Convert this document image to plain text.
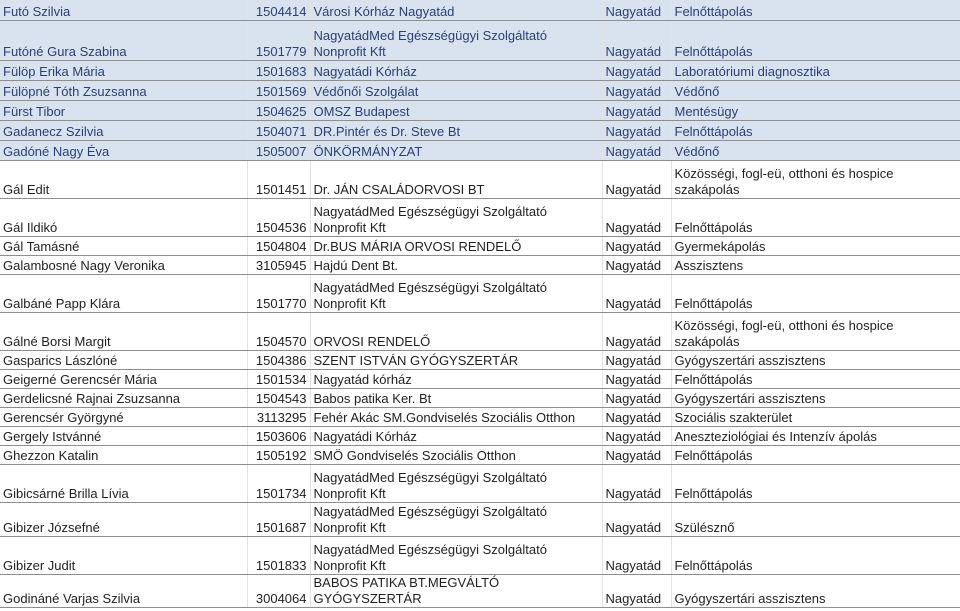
Futó Szilvia	1504414	Városi Kórház Nagyatád	Nagyatád	Felnőttápolás
Futóné Gura Szabina	1501779	NagyatádMed Egészségügyi Szolgáltató Nonprofit Kft	Nagyatád	Felnőttápolás
Fülöp Erika Mária	1501683	Nagyatádi Kórház	Nagyatád	Laboratóriumi diagnosztika
Fülöpné Tóth Zsuzsanna	1501569	Védőnői Szolgálat	Nagyatád	Védőnő
Fürst Tibor	1504625	OMSZ Budapest	Nagyatád	Mentésügy
Gadanecz Szilvia	1504071	DR.Pintér és Dr. Steve Bt	Nagyatád	Felnőttápolás
Gadóné Nagy Éva	1505007	ÖNKÖRMÁNYZAT	Nagyatád	Védőnő
Gál Edit	1501451	Dr. JÁN CSALÁDORVOSI BT	Nagyatád	Közösségi, fogl-eü, otthoni és hospice szakápolás
Gál Ildikó	1504536	NagyatádMed Egészségügyi Szolgáltató Nonprofit Kft	Nagyatád	Felnőttápolás
Gál Tamásné	1504804	Dr.BUS MÁRIA ORVOSI RENDELŐ	Nagyatád	Gyermekápolás
Galambosné Nagy Veronika	3105945	Hajdú Dent Bt.	Nagyatád	Asszisztens
Galbáné Papp Klára	1501770	NagyatádMed Egészségügyi Szolgáltató Nonprofit Kft	Nagyatád	Felnőttápolás
Gálné Borsi Margit	1504570	ORVOSI RENDELŐ	Nagyatád	Közösségi, fogl-eü, otthoni és hospice szakápolás
Gasparics Lászlóné	1504386	SZENT ISTVÁN GYÓGYSZERTÁR	Nagyatád	Gyógyszertári asszisztens
Geigerné Gerencsér Mária	1501534	Nagyatád kórház	Nagyatád	Felnőttápolás
Gerdelicsné Rajnai Zsuzsanna	1504543	Babos patika Ker. Bt	Nagyatád	Gyógyszertári asszisztens
Gerencsér Györgyné	3113295	Fehér Akác SM.Gondviselés Szociális Otthon	Nagyatád	Szociális szakterület
Gergely Istvánné	1503606	Nagyatádi Kórház	Nagyatád	Aneszteziológiai és Intenzív ápolás
Ghezzon Katalin	1505192	SMÖ Gondviselés Szociális Otthon	Nagyatád	Felnőttápolás
Gibicsárné Brilla Lívia	1501734	NagyatádMed Egészségügyi Szolgáltató Nonprofit Kft	Nagyatád	Felnőttápolás
Gibizer Józsefné	1501687	NagyatádMed Egészségügyi Szolgáltató Nonprofit Kft	Nagyatád	Szülésznő
Gibizer Judit	1501833	NagyatádMed Egészségügyi Szolgáltató Nonprofit Kft	Nagyatád	Felnőttápolás
Godináné Varjas Szilvia	3004064	BABOS PATIKA BT.MEGVÁLTÓ GYÓGYSZERTÁR	Nagyatád	Gyógyszertári asszisztens
